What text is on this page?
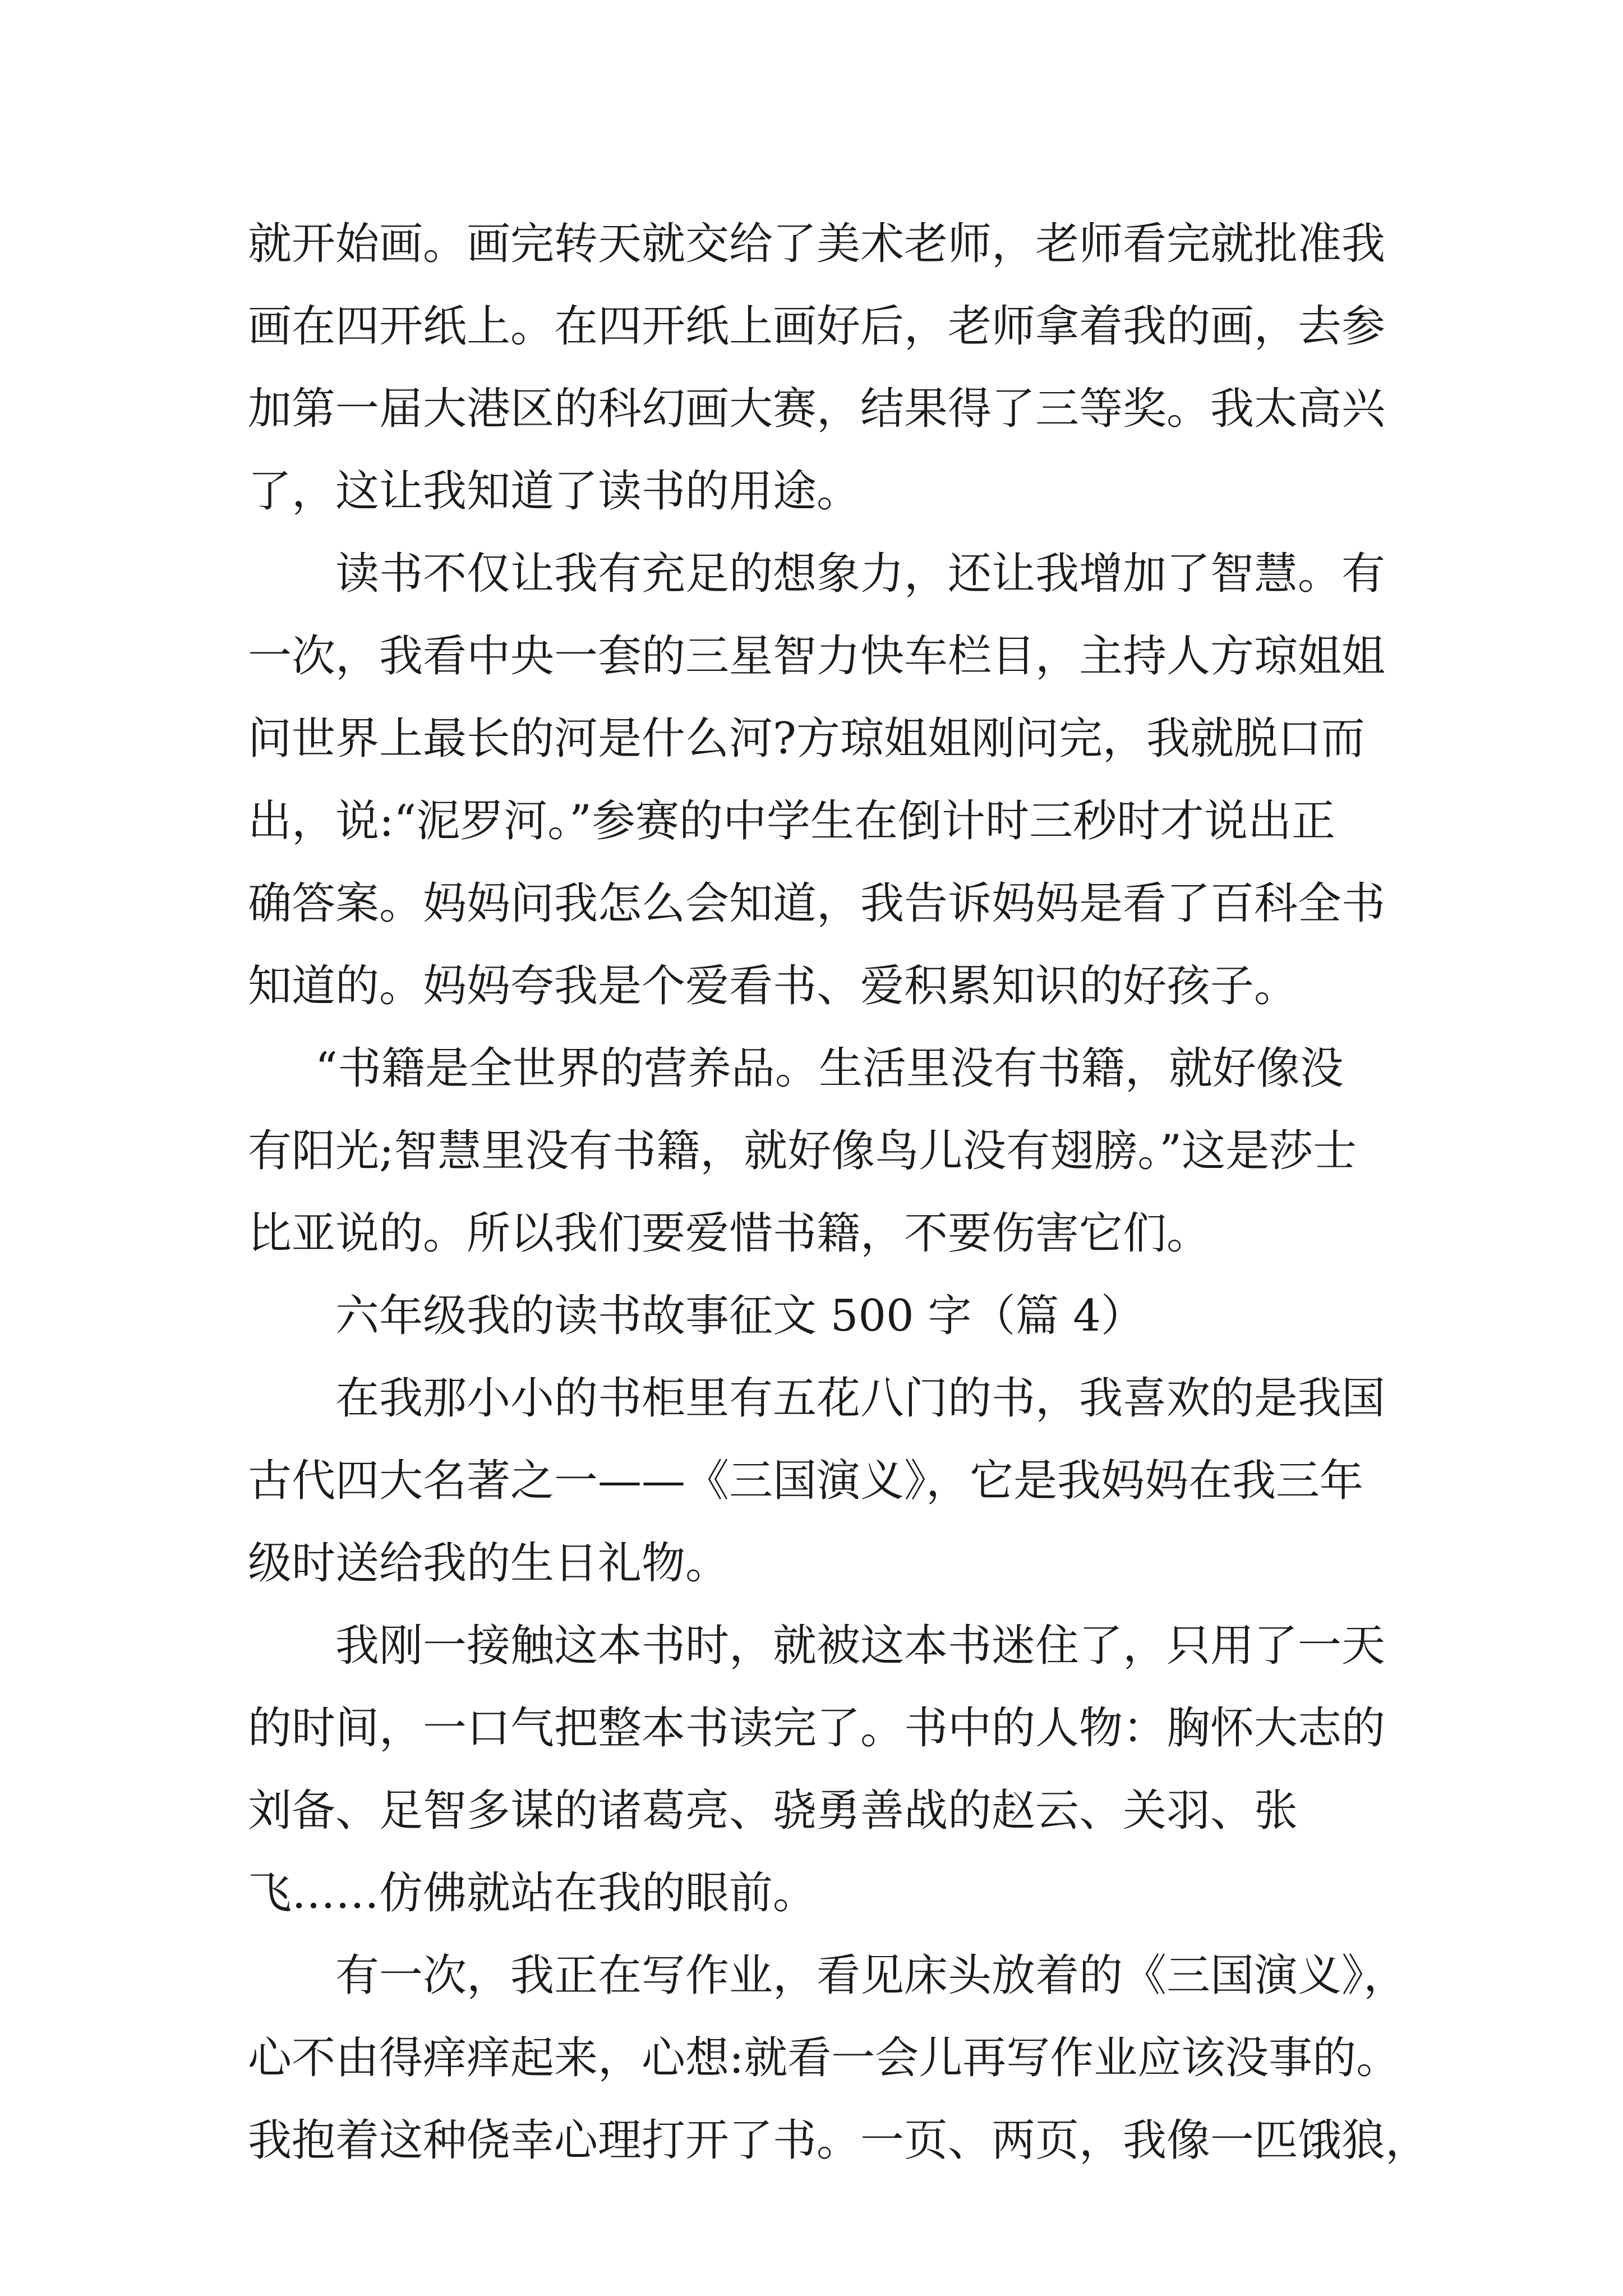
就开始画。画完转天就交给了美术老师，老师看完就批准我
画在四开纸上。在四开纸上画好后，老师拿着我的画，去参
加第一届大港区的科幻画大赛，结果得了三等奖。我太高兴
了，这让我知道了读书的用途。
读书不仅让我有充足的想象力，还让我增加了智慧。有
一次，我看中央一套的三星智力快车栏目，主持人方琼姐姐
问世界上最长的河是什么河?方琼姐姐刚问完，我就脱口而
出，说:“泥罗河。”参赛的中学生在倒计时三秒时才说出正
确答案。妈妈问我怎么会知道，我告诉妈妈是看了百科全书
知道的。妈妈夸我是个爱看书、爱积累知识的好孩子。
“书籍是全世界的营养品。生活里没有书籍，就好像没
有阳光;智慧里没有书籍，就好像鸟儿没有翅膀。”这是莎士
比亚说的。所以我们要爱惜书籍，不要伤害它们。
六年级我的读书故事征文 500 字（篇 4）
在我那小小的书柜里有五花八门的书，我喜欢的是我国
古代四大名著之一——《三国演义》，它是我妈妈在我三年
级时送给我的生日礼物。
我刚一接触这本书时，就被这本书迷住了，只用了一天
的时间，一口气把整本书读完了。书中的人物：胸怀大志的
刘备、足智多谋的诸葛亮、骁勇善战的赵云、关羽、张
飞……仿佛就站在我的眼前。
有一次，我正在写作业，看见床头放着的《三国演义》，
心不由得痒痒起来，心想:就看一会儿再写作业应该没事的。
我抱着这种侥幸心理打开了书。一页、两页，我像一匹饿狼，
